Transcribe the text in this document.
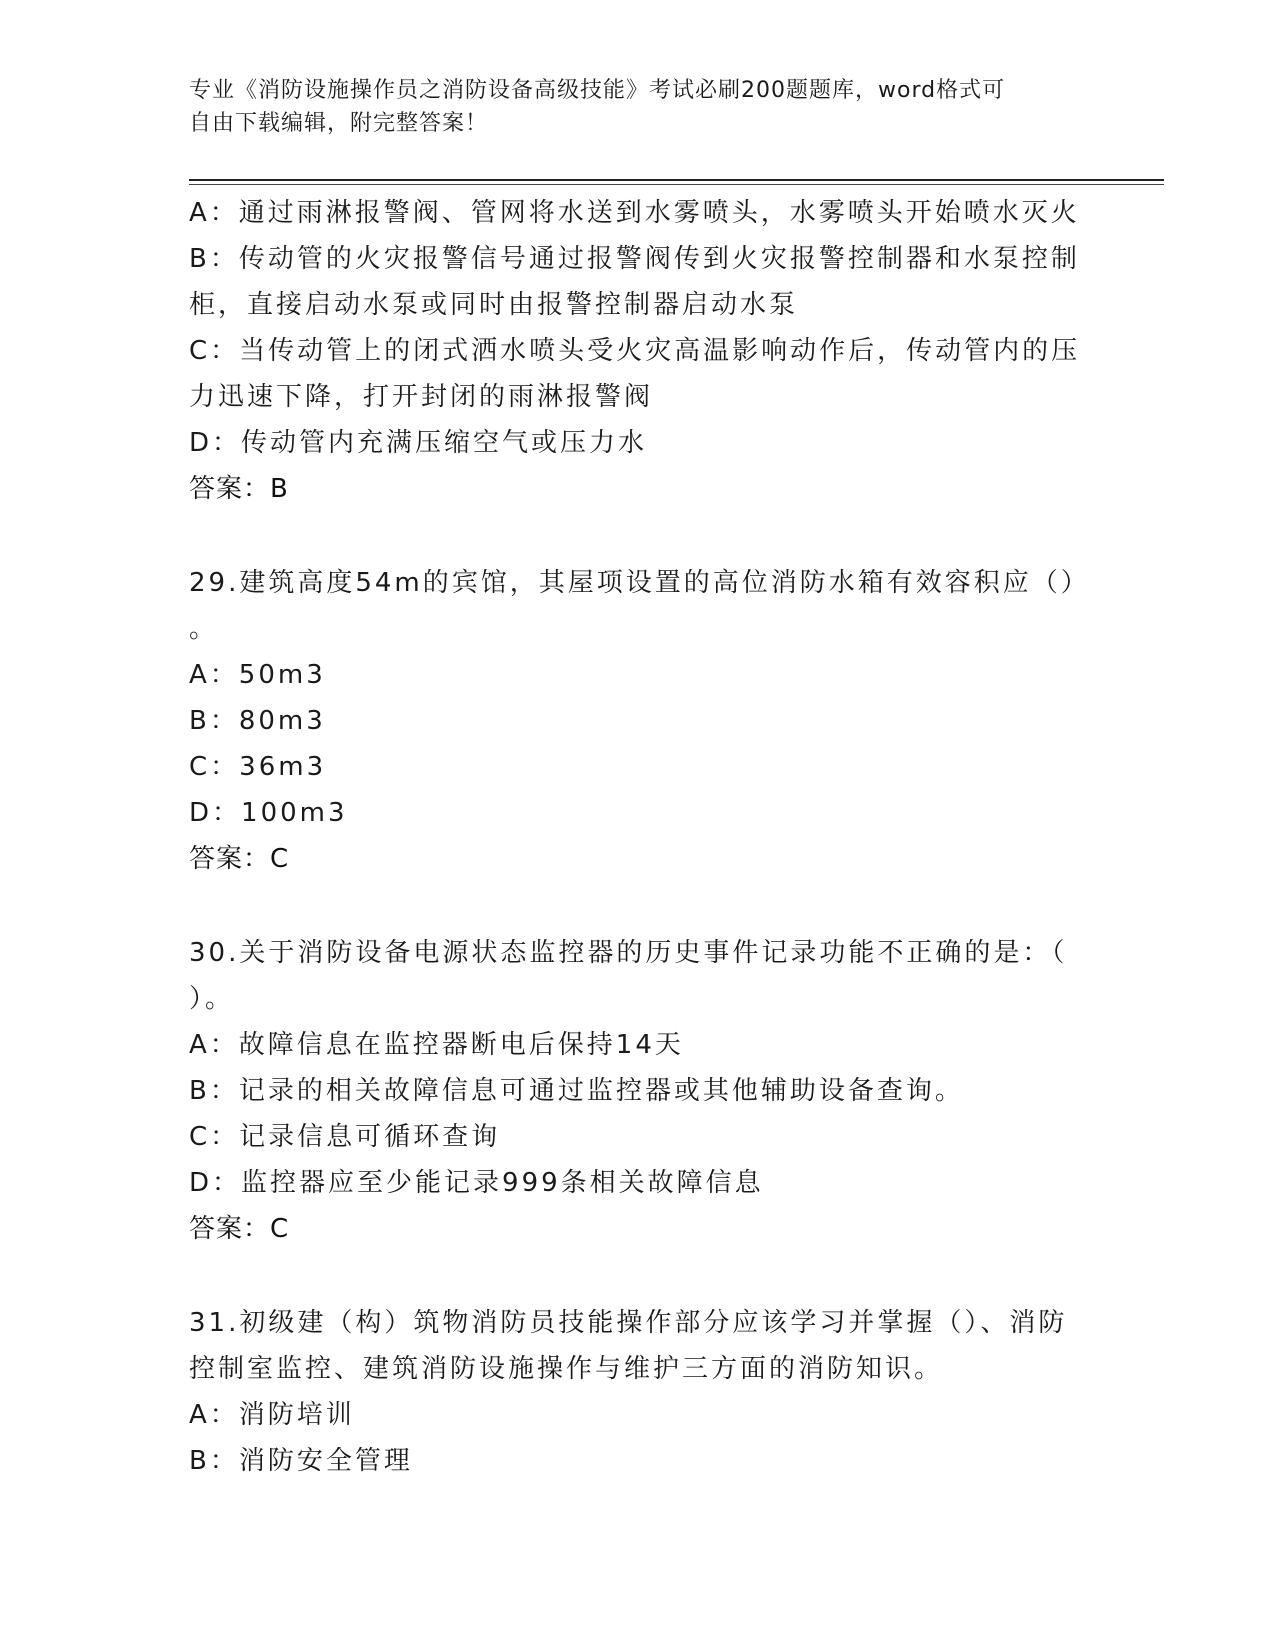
专业《消防设施操作员之消防设备高级技能》考试必刷200题题库，word格式可
自由下载编辑，附完整答案！
A：通过雨淋报警阀、管网将水送到水雾喷头，水雾喷头开始喷水灭火
B：传动管的火灾报警信号通过报警阀传到火灾报警控制器和水泵控制
柜，直接启动水泵或同时由报警控制器启动水泵
C：当传动管上的闭式洒水喷头受火灾高温影响动作后，传动管内的压
力迅速下降，打开封闭的雨淋报警阀
D：传动管内充满压缩空气或压力水
答案：B
29.建筑高度54m的宾馆，其屋项设置的高位消防水箱有效容积应（）
。
A：50m3
B：80m3
C：36m3
D：100m3
答案：C
30.关于消防设备电源状态监控器的历史事件记录功能不正确的是：（
）。
A：故障信息在监控器断电后保持14天
B：记录的相关故障信息可通过监控器或其他辅助设备查询。
C：记录信息可循环查询
D：监控器应至少能记录999条相关故障信息
答案：C
31.初级建（构）筑物消防员技能操作部分应该学习并掌握（）、消防
控制室监控、建筑消防设施操作与维护三方面的消防知识。
A：消防培训
B：消防安全管理
